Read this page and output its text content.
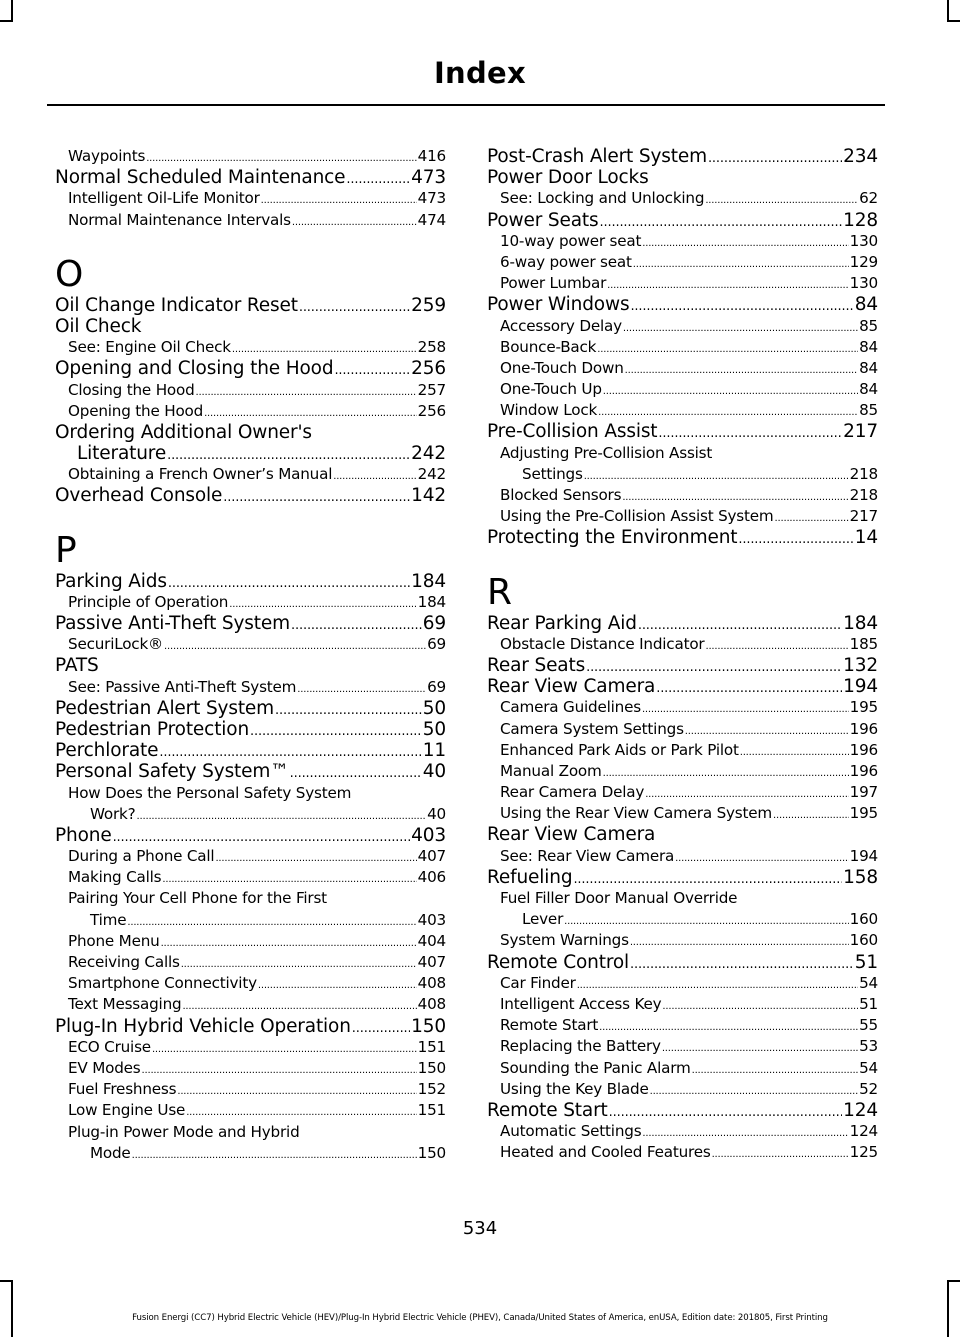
Index
Waypoints .....	416
Normal Scheduled Maintenance .....	473
Intelligent Oil-Life Monitor .....	473
Normal Maintenance Intervals .....	474
O
Oil Change Indicator Reset .....	259
Oil Check
See: Engine Oil Check .....	258
Opening and Closing the Hood .....	256
Closing the Hood .....	257
Opening the Hood .....	256
Ordering Additional Owner's
Literature .....	242
Obtaining a French Owner’s Manual .....	242
Overhead Console .....	142
P
Parking Aids .....	184
Principle of Operation .....	184
Passive Anti-Theft System .....	69
SecuriLock® .....	69
PATS
See: Passive Anti-Theft System .....	69
Pedestrian Alert System .....	50
Pedestrian Protection .....	50
Perchlorate .....	11
Personal Safety System™ .....	40
How Does the Personal Safety System
Work? .....	40
Phone .....	403
During a Phone Call .....	407
Making Calls .....	406
Pairing Your Cell Phone for the First
Time .....	403
Phone Menu .....	404
Receiving Calls .....	407
Smartphone Connectivity .....	408
Text Messaging .....	408
Plug-In Hybrid Vehicle Operation .....	150
ECO Cruise .....	151
EV Modes .....	150
Fuel Freshness .....	152
Low Engine Use .....	151
Plug-in Power Mode and Hybrid
Mode .....	150
Post-Crash Alert System .....	234
Power Door Locks
See: Locking and Unlocking .....	62
Power Seats .....	128
10-way power seat .....	130
6-way power seat .....	129
Power Lumbar .....	130
Power Windows .....	84
Accessory Delay .....	85
Bounce-Back .....	84
One-Touch Down .....	84
One-Touch Up .....	84
Window Lock .....	85
Pre-Collision Assist .....	217
Adjusting Pre-Collision Assist
Settings .....	218
Blocked Sensors .....	218
Using the Pre-Collision Assist System .....	217
Protecting the Environment .....	14
R
Rear Parking Aid .....	184
Obstacle Distance Indicator .....	185
Rear Seats .....	132
Rear View Camera .....	194
Camera Guidelines .....	195
Camera System Settings .....	196
Enhanced Park Aids or Park Pilot .....	196
Manual Zoom .....	196
Rear Camera Delay .....	197
Using the Rear View Camera System .....	195
Rear View Camera
See: Rear View Camera .....	194
Refueling .....	158
Fuel Filler Door Manual Override
Lever .....	160
System Warnings .....	160
Remote Control .....	51
Car Finder .....	54
Intelligent Access Key .....	51
Remote Start .....	55
Replacing the Battery .....	53
Sounding the Panic Alarm .....	54
Using the Key Blade .....	52
Remote Start .....	124
Automatic Settings .....	124
Heated and Cooled Features .....	125
534
Fusion Energi (CC7) Hybrid Electric Vehicle (HEV)/Plug-In Hybrid Electric Vehicle (PHEV), Canada/United States of America, enUSA, Edition date: 201805, First Printing
